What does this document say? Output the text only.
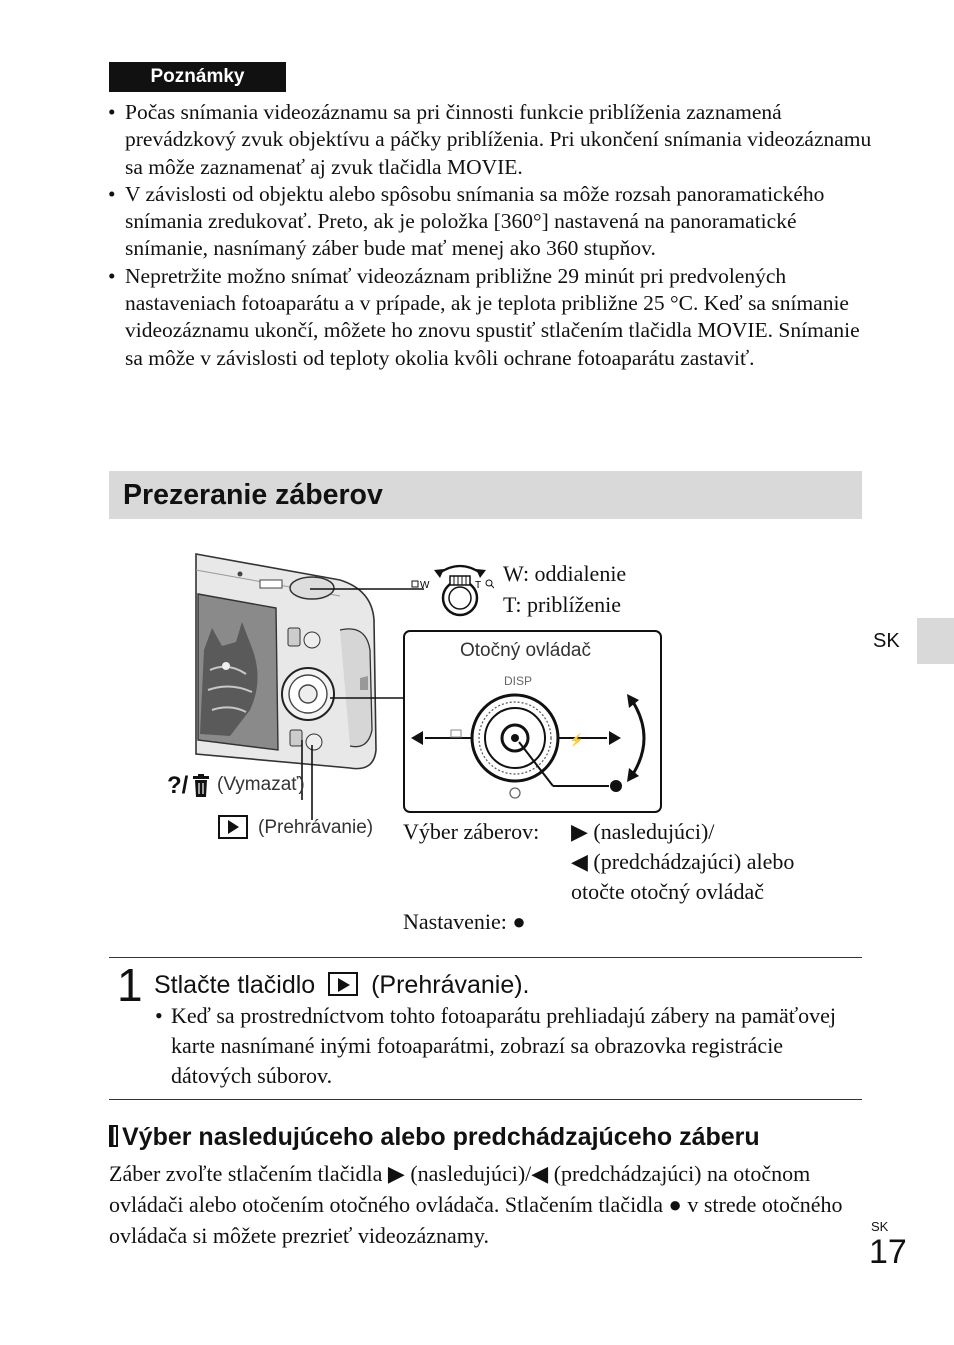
Poznámky
• Počas snímania videozáznamu sa pri činnosti funkcie priblíženia zaznamená prevádzkový zvuk objektívu a páčky priblíženia. Pri ukončení snímania videozáznamu sa môže zaznamenať aj zvuk tlačidla MOVIE.
• V závislosti od objektu alebo spôsobu snímania sa môže rozsah panoramatického snímania zredukovať. Preto, ak je položka [360°] nastavená na panoramatické snímanie, nasnímaný záber bude mať menej ako 360 stupňov.
• Nepretržite možno snímať videozáznam približne 29 minút pri predvolených nastaveniach fotoaparátu a v prípade, ak je teplota približne 25 °C. Keď sa snímanie videozáznamu ukončí, môžete ho znovu spustiť stlačením tlačidla MOVIE. Snímanie sa môže v závislosti od teploty okolia kvôli ochrane fotoaparátu zastaviť.
Prezeranie záberov
W	T W: oddialenie
T: priblíženie
⚡
Otočný ovládač
DISP
?/ (Vymazať)
(Prehrávanie) Výber záberov: ▶ (nasledujúci)/
◀ (predchádzajúci) alebo
otočte otočný ovládač
Nastavenie: ●
1 Stlačte tlačidlo (Prehrávanie).
• Keď sa prostredníctvom tohto fotoaparátu prehliadajú zábery na pamäťovej karte nasnímané inými fotoaparátmi, zobrazí sa obrazovka registrácie dátových súborov.
Výber nasledujúceho alebo predchádzajúceho záberu

Záber zvoľte stlačením tlačidla ▶ (nasledujúci)/◀ (predchádzajúci) na otočnom ovládači alebo otočením otočného ovládača. Stlačením tlačidla ● v strede otočného ovládača si môžete prezrieť videozáznamy.

SK
SK
17
